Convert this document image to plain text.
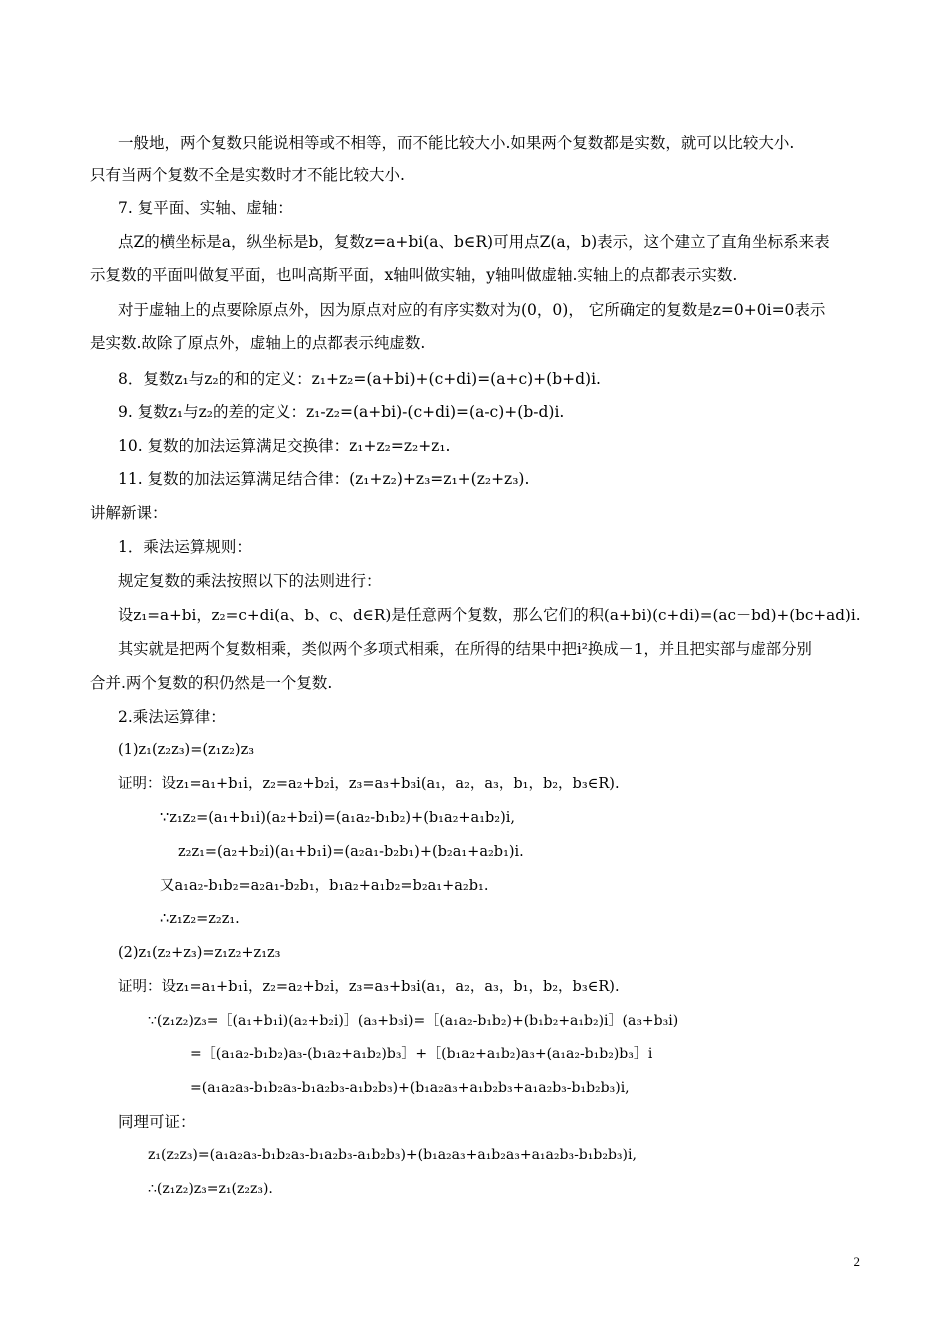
一般地，两个复数只能说相等或不相等，而不能比较大小.如果两个复数都是实数，就可以比较大小.
只有当两个复数不全是实数时才不能比较大小.
7. 复平面、实轴、虚轴：
点Z的横坐标是a，纵坐标是b，复数z=a+bi(a、b∈R)可用点Z(a，b)表示，这个建立了直角坐标系来表
示复数的平面叫做复平面，也叫高斯平面，x轴叫做实轴，y轴叫做虚轴.实轴上的点都表示实数.
对于虚轴上的点要除原点外，因为原点对应的有序实数对为(0，0)， 它所确定的复数是z=0+0i=0表示
是实数.故除了原点外，虚轴上的点都表示纯虚数.
8．复数z₁与z₂的和的定义：z₁+z₂=(a+bi)+(c+di)=(a+c)+(b+d)i.
9. 复数z₁与z₂的差的定义：z₁-z₂=(a+bi)-(c+di)=(a-c)+(b-d)i.
10. 复数的加法运算满足交换律：z₁+z₂=z₂+z₁.
11. 复数的加法运算满足结合律：(z₁+z₂)+z₃=z₁+(z₂+z₃).
讲解新课：
1．乘法运算规则：
规定复数的乘法按照以下的法则进行：
设z₁=a+bi，z₂=c+di(a、b、c、d∈R)是任意两个复数，那么它们的积(a+bi)(c+di)=(ac－bd)+(bc+ad)i.
其实就是把两个复数相乘，类似两个多项式相乘，在所得的结果中把i²换成－1，并且把实部与虚部分别
合并.两个复数的积仍然是一个复数.
2.乘法运算律：
(1)z₁(z₂z₃)=(z₁z₂)z₃
证明：设z₁=a₁+b₁i，z₂=a₂+b₂i，z₃=a₃+b₃i(a₁，a₂，a₃，b₁，b₂，b₃∈R).
∵z₁z₂=(a₁+b₁i)(a₂+b₂i)=(a₁a₂-b₁b₂)+(b₁a₂+a₁b₂)i,
z₂z₁=(a₂+b₂i)(a₁+b₁i)=(a₂a₁-b₂b₁)+(b₂a₁+a₂b₁)i.
又a₁a₂-b₁b₂=a₂a₁-b₂b₁，b₁a₂+a₁b₂=b₂a₁+a₂b₁.
∴z₁z₂=z₂z₁.
(2)z₁(z₂+z₃)=z₁z₂+z₁z₃
证明：设z₁=a₁+b₁i，z₂=a₂+b₂i，z₃=a₃+b₃i(a₁，a₂，a₃，b₁，b₂，b₃∈R).
∵(z₁z₂)z₃=［(a₁+b₁i)(a₂+b₂i)］(a₃+b₃i)=［(a₁a₂-b₁b₂)+(b₁b₂+a₁b₂)i］(a₃+b₃i)
=［(a₁a₂-b₁b₂)a₃-(b₁a₂+a₁b₂)b₃］+［(b₁a₂+a₁b₂)a₃+(a₁a₂-b₁b₂)b₃］i
=(a₁a₂a₃-b₁b₂a₃-b₁a₂b₃-a₁b₂b₃)+(b₁a₂a₃+a₁b₂b₃+a₁a₂b₃-b₁b₂b₃)i,
同理可证：
z₁(z₂z₃)=(a₁a₂a₃-b₁b₂a₃-b₁a₂b₃-a₁b₂b₃)+(b₁a₂a₃+a₁b₂a₃+a₁a₂b₃-b₁b₂b₃)i,
∴(z₁z₂)z₃=z₁(z₂z₃).
2
